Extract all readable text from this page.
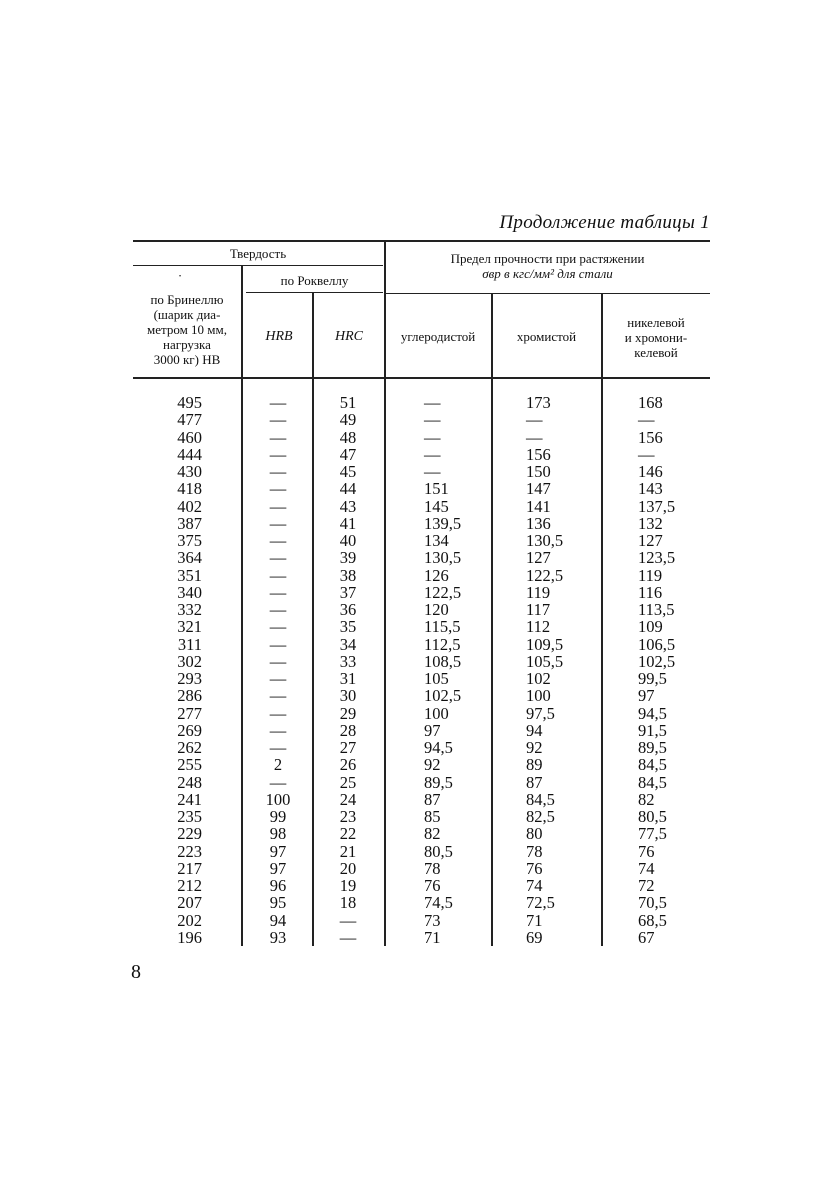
Продолжение таблицы 1
Твердость
·
по Бринеллю
(шарик диа-
метром 10 мм,
нагрузка
3000 кг) НВ
по Роквеллу
HRB	HRC
Предел прочности при растяжении
σвр в кгс/мм² для стали
углеродистой	хромистой
никелевой
и хромони-
келевой
495
477
460
444
430
418
402
387
375
364
351
340
332
321
311
302
293
286
277
269
262
255
248
241
235
229
223
217
212
207
202
196
—
—
—
—
—
—
—
—
—
—
—
—
—
—
—
—
—
—
—
—
—
2
—
100
99
98
97
97
96
95
94
93
51
49
48
47
45
44
43
41
40
39
38
37
36
35
34
33
31
30
29
28
27
26
25
24
23
22
21
20
19
18
—
—
—
—
—
—
—
151
145
139,5
134
130,5
126
122,5
120
115,5
112,5
108,5
105
102,5
100
97
94,5
92
89,5
87
85
82
80,5
78
76
74,5
73
71
173
—
—
156
150
147
141
136
130,5
127
122,5
119
117
112
109,5
105,5
102
100
97,5
94
92
89
87
84,5
82,5
80
78
76
74
72,5
71
69
168
—
156
—
146
143
137,5
132
127
123,5
119
116
113,5
109
106,5
102,5
99,5
97
94,5
91,5
89,5
84,5
84,5
82
80,5
77,5
76
74
72
70,5
68,5
67
8
